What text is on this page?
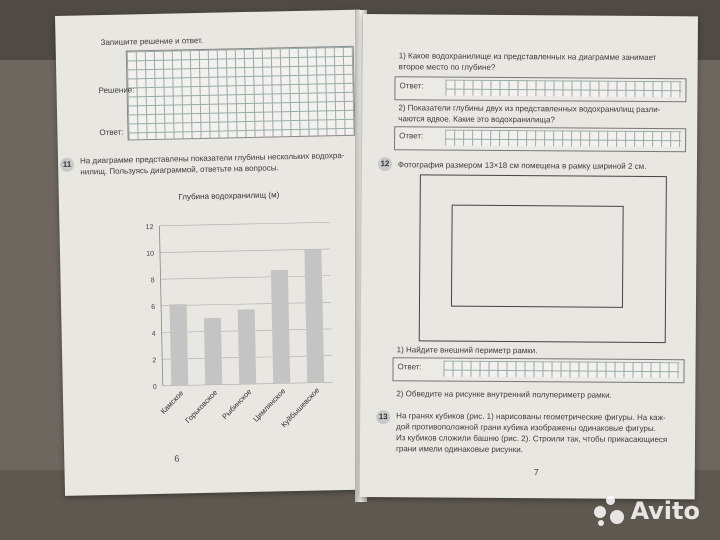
Запишите решение и ответ.
Решение:
Ответ:
11	На диаграмме представлены показатели глубины нескольких водохра-
нилищ. Пользуясь диаграммой, ответьте на вопросы.
Глубина водохранилищ (м)
0
2
4
6
8
10
12
Камское
Горьковское Рыбинское
Цимлянское
Куйбышевское
6
1) Какое водохранилище из представленных на диаграмме занимает
второе место по глубине?
Ответ:
2) Показатели глубины двух из представленных водохранилищ разли-
чаются вдвое. Какие это водохранилища?
Ответ:
12	Фотография размером 13×18 см помещена в рамку шириной 2 см.
1) Найдите внешний периметр рамки.
Ответ:
2) Обведите на рисунке внутренний полупериметр рамки.
13	На гранях кубиков (рис. 1) нарисованы геометрические фигуры. На каж-
дой противоположной грани кубика изображены одинаковые фигуры.
Из кубиков сложили башню (рис. 2). Строили так, чтобы прикасающиеся
грани имели одинаковые рисунки.
7
Avito
